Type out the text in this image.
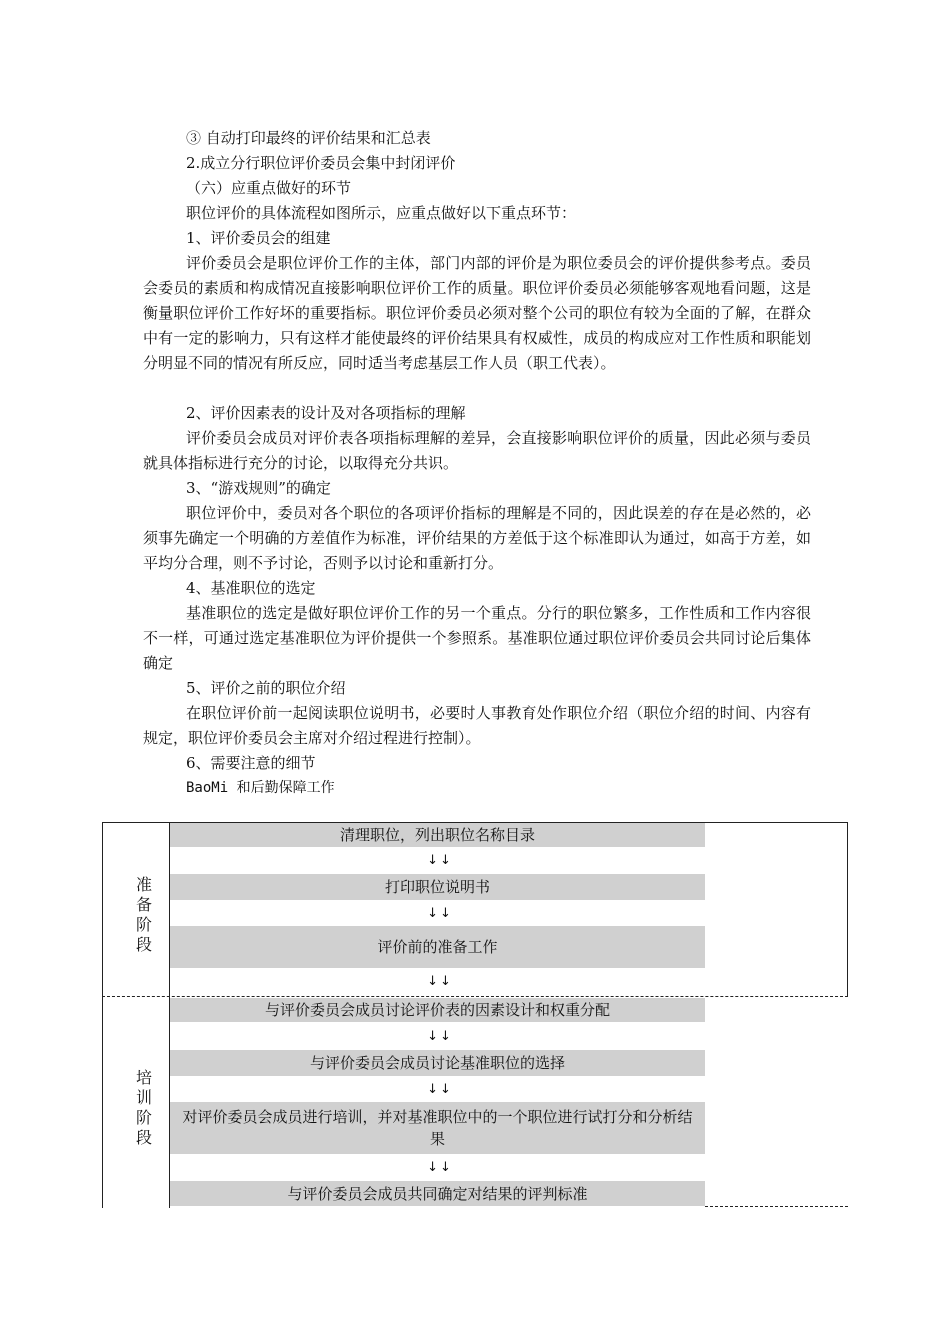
③ 自动打印最终的评价结果和汇总表
2.成立分行职位评价委员会集中封闭评价
（六）应重点做好的环节
职位评价的具体流程如图所示，应重点做好以下重点环节：
1、评价委员会的组建
评价委员会是职位评价工作的主体，部门内部的评价是为职位委员会的评价提供参考点。委员会委员的素质和构成情况直接影响职位评价工作的质量。职位评价委员必须能够客观地看问题，这是衡量职位评价工作好坏的重要指标。职位评价委员必须对整个公司的职位有较为全面的了解，在群众中有一定的影响力，只有这样才能使最终的评价结果具有权威性，成员的构成应对工作性质和职能划分明显不同的情况有所反应，同时适当考虑基层工作人员（职工代表）。
2、评价因素表的设计及对各项指标的理解
评价委员会成员对评价表各项指标理解的差异，会直接影响职位评价的质量，因此必须与委员就具体指标进行充分的讨论，以取得充分共识。
3、“游戏规则”的确定
职位评价中，委员对各个职位的各项评价指标的理解是不同的，因此误差的存在是必然的，必须事先确定一个明确的方差值作为标准，评价结果的方差低于这个标准即认为通过，如高于方差，如平均分合理，则不予讨论，否则予以讨论和重新打分。
4、基准职位的选定
基准职位的选定是做好职位评价工作的另一个重点。分行的职位繁多，工作性质和工作内容很不一样，可通过选定基准职位为评价提供一个参照系。基准职位通过职位评价委员会共同讨论后集体确定
5、评价之前的职位介绍
在职位评价前一起阅读职位说明书，必要时人事教育处作职位介绍（职位介绍的时间、内容有规定，职位评价委员会主席对介绍过程进行控制）。
6、需要注意的细节
BaoMi 和后勤保障工作
准备阶段
培训阶段
清理职位，列出职位名称目录
↓↓
打印职位说明书
↓↓
评价前的准备工作
↓↓
与评价委员会成员讨论评价表的因素设计和权重分配
↓↓
与评价委员会成员讨论基准职位的选择
↓↓
对评价委员会成员进行培训，并对基准职位中的一个职位进行试打分和分析结果
↓↓
与评价委员会成员共同确定对结果的评判标准
